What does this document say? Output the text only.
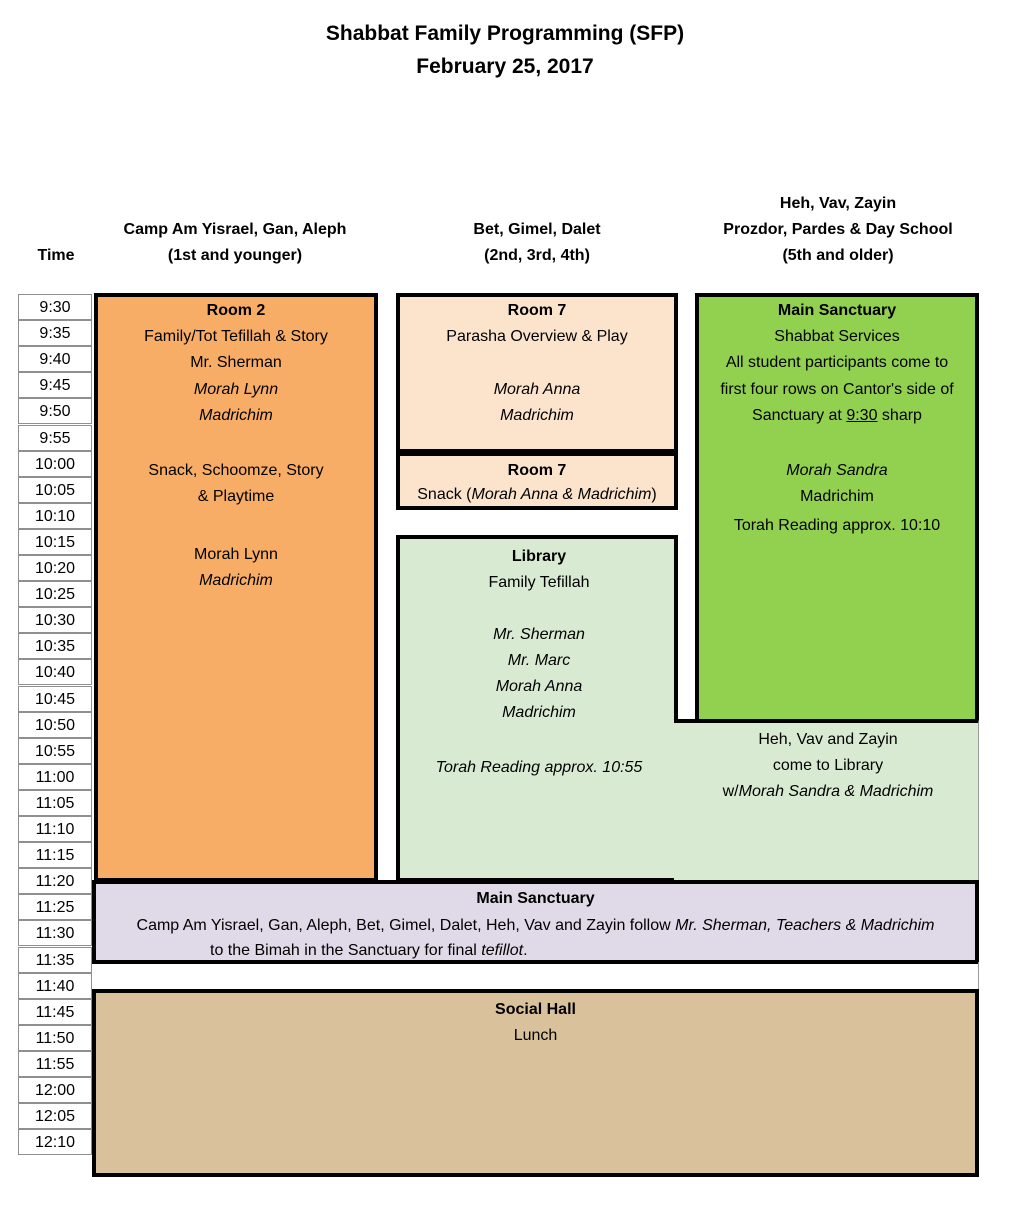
Shabbat Family Programming (SFP)
February 25, 2017
Time
Camp Am Yisrael, Gan, Aleph
(1st and younger)
Bet, Gimel, Dalet
(2nd, 3rd, 4th)
Heh, Vav, Zayin
Prozdor, Pardes & Day School
(5th and older)
9:30
9:35
9:40
9:45
9:50
9:55
10:00
10:05
10:10
10:15
10:20
10:25
10:30
10:35
10:40
10:45
10:50
10:55
11:00
11:05
11:10
11:15
11:20
11:25
11:30
11:35
11:40
11:45
11:50
11:55
12:00
12:05
12:10
Room 2
Family/Tot Tefillah & Story
Mr. Sherman
Morah Lynn
Madrichim
Snack, Schoomze, Story
& Playtime
Morah Lynn
Madrichim
Room 7
Parasha Overview & Play
Morah Anna
Madrichim
Room 7
Snack (Morah Anna & Madrichim)
Main Sanctuary
Shabbat Services
All student participants come to
first four rows on Cantor's side of
Sanctuary at 9:30 sharp
Morah Sandra
Madrichim
Torah Reading approx. 10:10
Library
Family Tefillah
Mr. Sherman
Mr. Marc
Morah Anna
Madrichim
Torah Reading approx. 10:55
Heh, Vav and Zayin
come to Library
w/Morah Sandra & Madrichim
Main Sanctuary
Camp Am Yisrael, Gan, Aleph, Bet, Gimel, Dalet, Heh, Vav and Zayin follow Mr. Sherman, Teachers & Madrichim
to the Bimah in the Sanctuary for final tefillot.
Social Hall
Lunch
